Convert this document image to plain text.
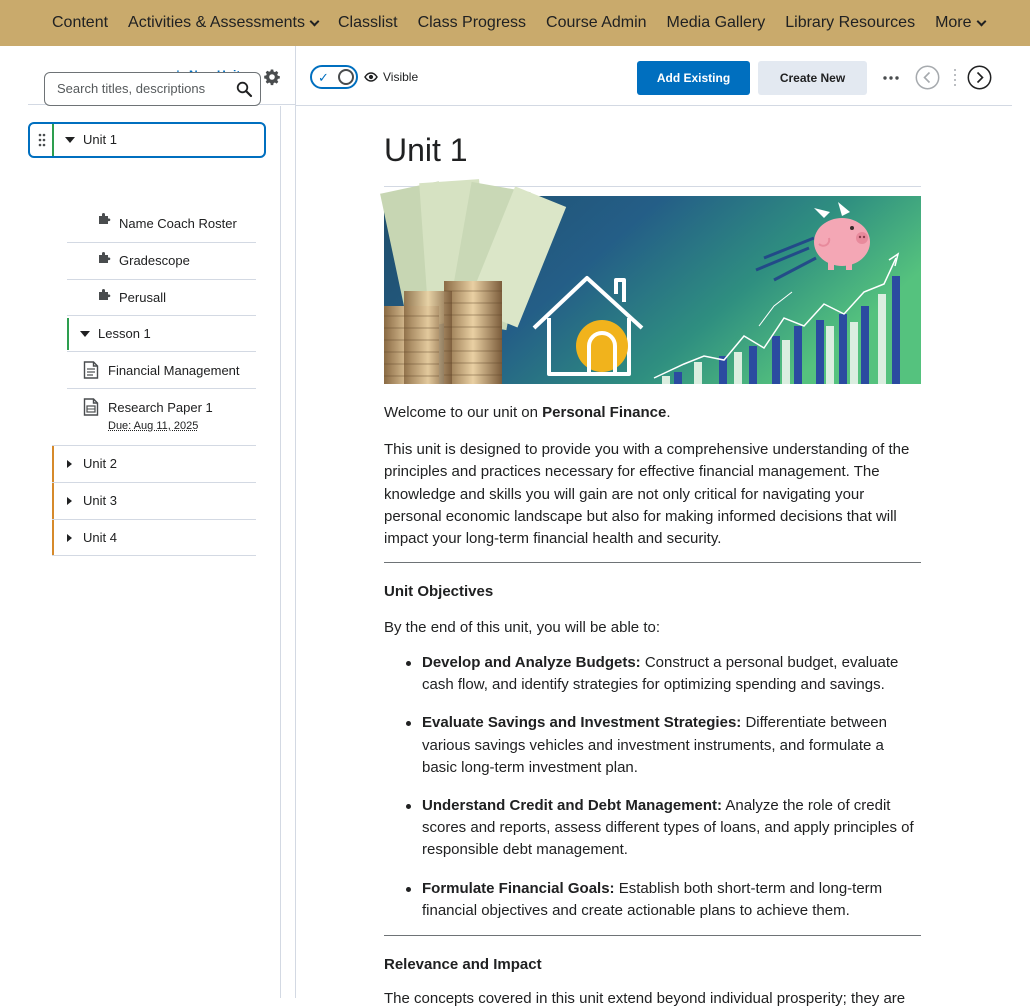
Content Activities & Assessments Classlist Class Progress Course Admin Media Gallery Library Resources More
Search titles, descriptions
Unit 1
Name Coach Roster
Gradescope
Perusall
Lesson 1
Financial Management
Research Paper 1
Due: Aug 11, 2025
Unit 2
Unit 3
Unit 4
✓	Visible	Add Existing	Create New
Unit 1

Welcome to our unit on Personal Finance.

This unit is designed to provide you with a comprehensive understanding of the principles and practices necessary for effective financial management. The knowledge and skills you will gain are not only critical for navigating your personal economic landscape but also for making informed decisions that will impact your long-term financial health and security.

Unit Objectives

By the end of this unit, you will be able to:

Develop and Analyze Budgets: Construct a personal budget, evaluate cash flow, and identify strategies for optimizing spending and savings.
Evaluate Savings and Investment Strategies: Differentiate between various savings vehicles and investment instruments, and formulate a basic long-term investment plan.
Understand Credit and Debt Management: Analyze the role of credit scores and reports, assess different types of loans, and apply principles of responsible debt management.
Formulate Financial Goals: Establish both short-term and long-term financial objectives and create actionable plans to achieve them.
Relevance and Impact

The concepts covered in this unit extend beyond individual prosperity; they are
